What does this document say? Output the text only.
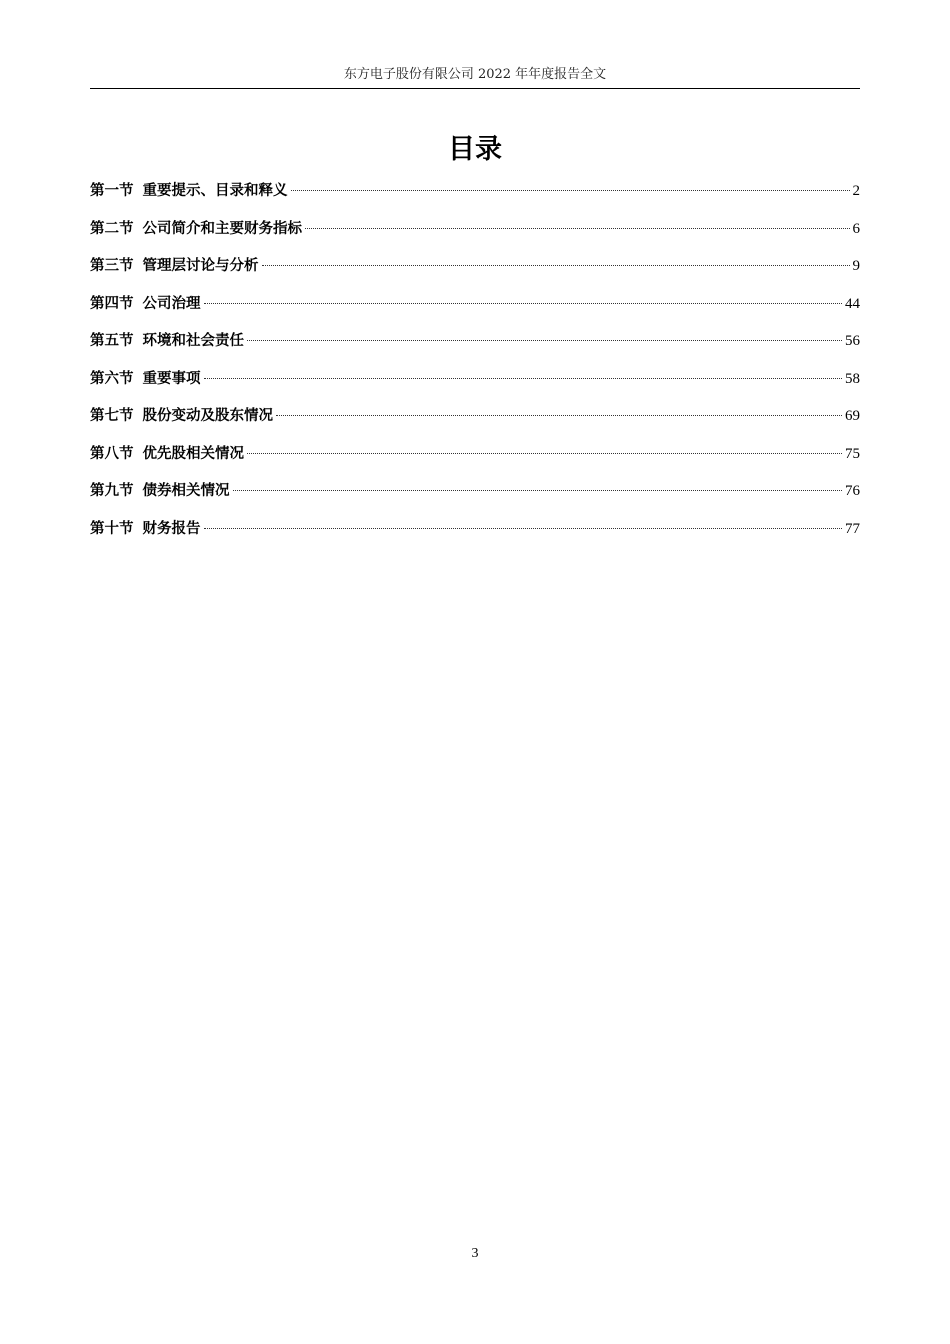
东方电子股份有限公司 2022 年年度报告全文
目录
第一节 重要提示、目录和释义	2
第二节 公司简介和主要财务指标	6
第三节 管理层讨论与分析	9
第四节 公司治理	44
第五节 环境和社会责任	56
第六节 重要事项	58
第七节 股份变动及股东情况	69
第八节 优先股相关情况	75
第九节 债券相关情况	76
第十节 财务报告	77
3
